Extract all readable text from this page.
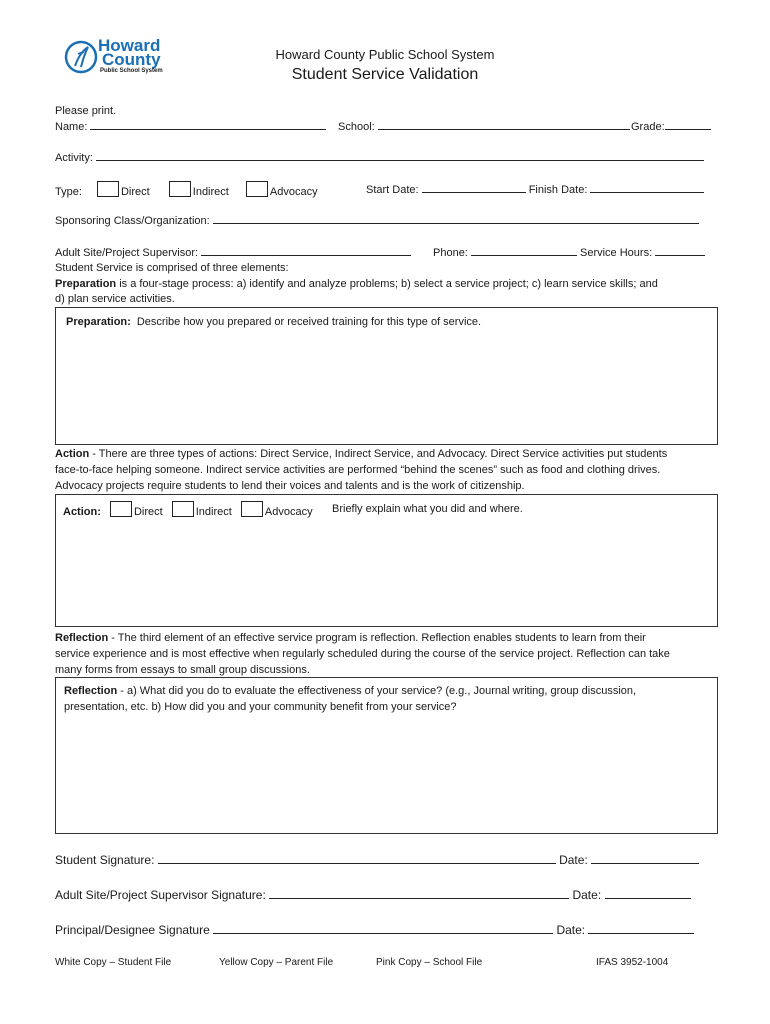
Howard
County
Public School System
Howard County Public School System
Student Service Validation
Please print.
Name:	School:	Grade:
Activity:
Type:	Direct	Indirect	Advocacy	Start Date:	Finish Date:
Sponsoring Class/Organization:
Adult Site/Project Supervisor:	Phone:	Service Hours:
Student Service is comprised of three elements:
Preparation is a four-stage process: a) identify and analyze problems; b) select a service project; c) learn service skills; and
d) plan service activities.
Preparation: Describe how you prepared or received training for this type of service.
Action - There are three types of actions: Direct Service, Indirect Service, and Advocacy. Direct Service activities put students
face-to-face helping someone. Indirect service activities are performed “behind the scenes” such as food and clothing drives.
Advocacy projects require students to lend their voices and talents and is the work of citizenship.
Action:	Direct	Indirect	Advocacy Briefly explain what you did and where.
Reflection - The third element of an effective service program is reflection. Reflection enables students to learn from their
service experience and is most effective when regularly scheduled during the course of the service project. Reflection can take
many forms from essays to small group discussions.
Reflection - a) What did you do to evaluate the effectiveness of your service? (e.g., Journal writing, group discussion,
presentation, etc. b) How did you and your community benefit from your service?
Student Signature:	Date:
Adult Site/Project Supervisor Signature:	Date:
Principal/Designee Signature	Date:
White Copy – Student File	Yellow Copy – Parent File	Pink Copy – School File	IFAS 3952-1004
